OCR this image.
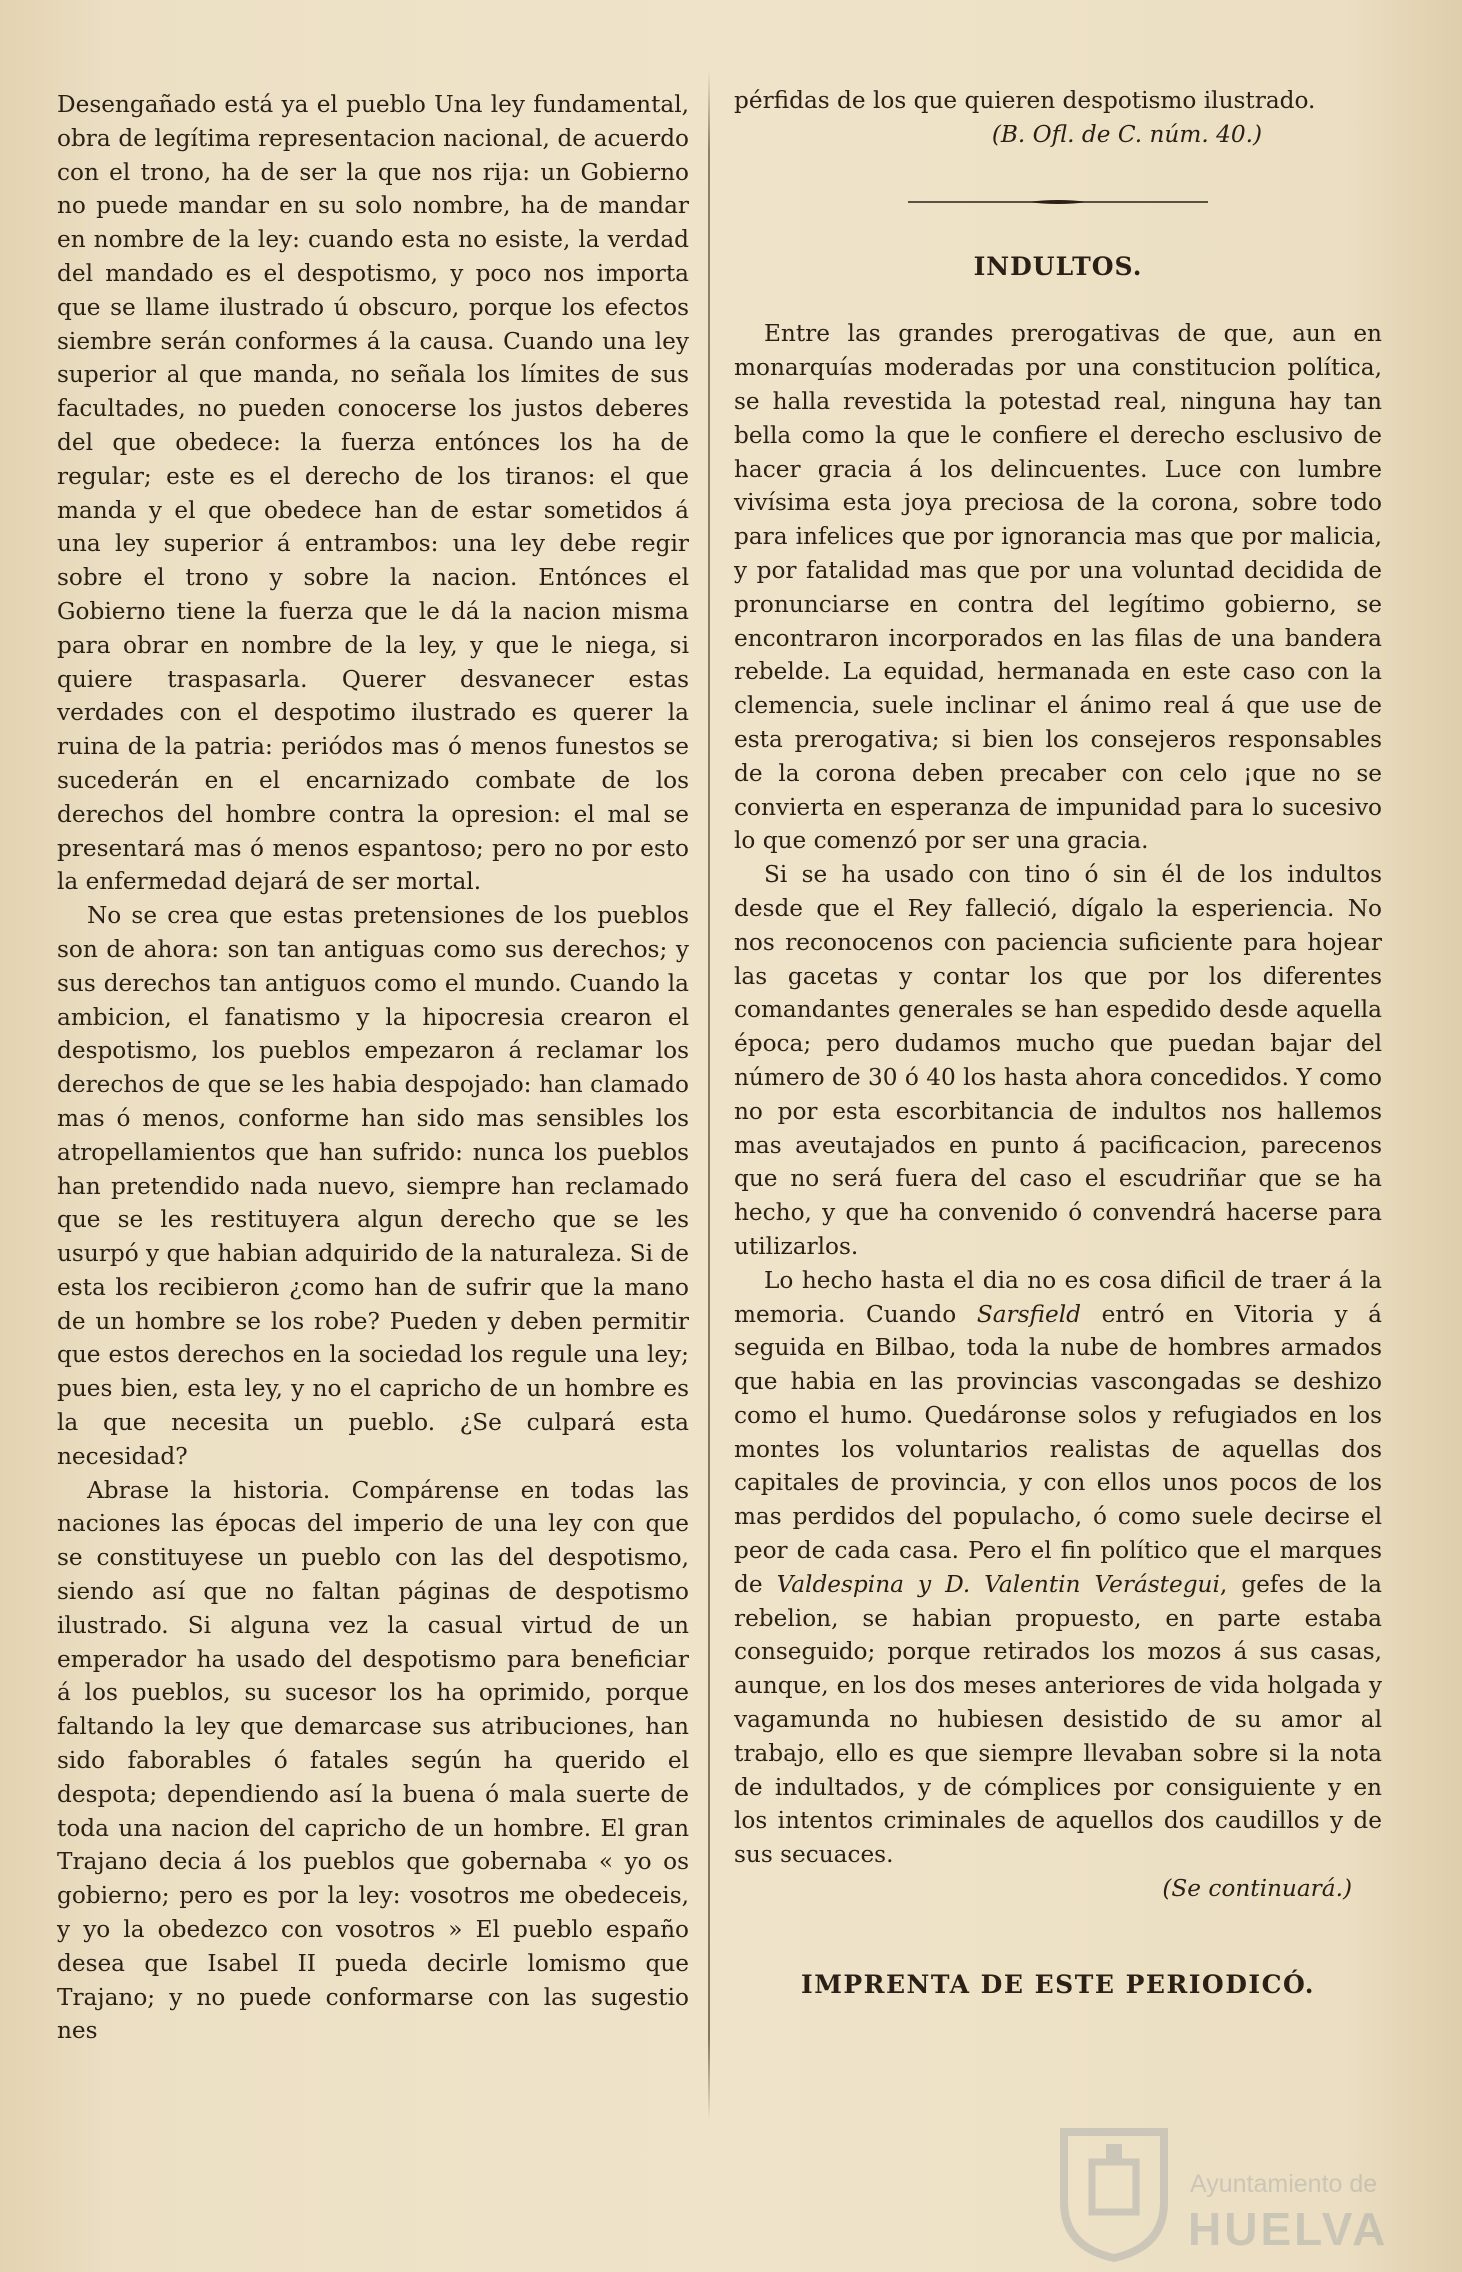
Desengañado está ya el pueblo Una ley fundamental, obra de legítima representacion nacional, de acuerdo con el trono, ha de ser la que nos rija: un Gobierno no puede mandar en su solo nombre, ha de mandar en nombre de la ley: cuando esta no esiste, la verdad del mandado es el despotismo, y poco nos importa que se llame ilustrado ú obscuro, porque los efectos siembre serán conformes á la causa. Cuando una ley superior al que manda, no señala los límites de sus facultades, no pueden conocerse los justos deberes del que obedece: la fuerza entónces los ha de regular; este es el derecho de los tiranos: el que manda y el que obedece han de estar sometidos á una ley superior á entrambos: una ley debe regir sobre el trono y sobre la nacion. Entónces el Gobierno tiene la fuerza que le dá la nacion misma para obrar en nombre de la ley, y que le niega, si quiere traspasarla. Querer desvanecer estas verdades con el despotimo ilustrado es querer la ruina de la patria: periódos mas ó menos funestos se sucederán en el encarnizado combate de los derechos del hombre contra la opresion: el mal se presentará mas ó menos espantoso; pero no por esto la enfermedad dejará de ser mortal.

No se crea que estas pretensiones de los pueblos son de ahora: son tan antiguas como sus derechos; y sus derechos tan antiguos como el mundo. Cuando la ambicion, el fanatismo y la hipocresia crearon el despotismo, los pueblos empezaron á reclamar los derechos de que se les habia despojado: han clamado mas ó menos, conforme han sido mas sensibles los atropellamientos que han sufrido: nunca los pueblos han pretendido nada nuevo, siempre han reclamado que se les restituyera algun derecho que se les usurpó y que habian adquirido de la naturaleza. Si de esta los recibieron ¿como han de sufrir que la mano de un hombre se los robe? Pueden y deben permitir que estos derechos en la sociedad los regule una ley; pues bien, esta ley, y no el capricho de un hombre es la que necesita un pueblo. ¿Se culpará esta necesidad?

Abrase la historia. Compárense en todas las naciones las épocas del imperio de una ley con que se constituyese un pueblo con las del despotismo, siendo así que no faltan páginas de despotismo ilustrado. Si alguna vez la casual virtud de un emperador ha usado del despotismo para beneficiar á los pueblos, su sucesor los ha oprimido, porque faltando la ley que demarcase sus atribuciones, han sido faborables ó fatales según ha querido el despota; dependiendo así la buena ó mala suerte de toda una nacion del capricho de un hombre. El gran Trajano decia á los pueblos que gobernaba « yo os gobierno; pero es por la ley: vosotros me obedeceis, y yo la obedezco con vosotros » El pueblo españo desea que Isabel II pueda decirle lomismo que Trajano; y no puede conformarse con las sugestio nes

pérfidas de los que quieren despotismo ilustrado.

(B. Ofl. de C. núm. 40.)

INDULTOS.

Entre las grandes prerogativas de que, aun en monarquías moderadas por una constitucion política, se halla revestida la potestad real, ninguna hay tan bella como la que le confiere el derecho esclusivo de hacer gracia á los delincuentes. Luce con lumbre vivísima esta joya preciosa de la corona, sobre todo para infelices que por ignorancia mas que por malicia, y por fatalidad mas que por una voluntad decidida de pronunciarse en contra del legítimo gobierno, se encontraron incorporados en las filas de una bandera rebelde. La equidad, hermanada en este caso con la clemencia, suele inclinar el ánimo real á que use de esta prerogativa; si bien los consejeros responsables de la corona deben precaber con celo ¡que no se convierta en esperanza de impunidad para lo sucesivo lo que comenzó por ser una gracia.

Si se ha usado con tino ó sin él de los indultos desde que el Rey falleció, dígalo la esperiencia. No nos reconocenos con paciencia suficiente para hojear las gacetas y contar los que por los diferentes comandantes generales se han espedido desde aquella época; pero dudamos mucho que puedan bajar del número de 30 ó 40 los hasta ahora concedidos. Y como no por esta escorbitancia de indultos nos hallemos mas aveutajados en punto á pacificacion, parecenos que no será fuera del caso el escudriñar que se ha hecho, y que ha convenido ó convendrá hacerse para utilizarlos.

Lo hecho hasta el dia no es cosa dificil de traer á la memoria. Cuando Sarsfield entró en Vitoria y á seguida en Bilbao, toda la nube de hombres armados que habia en las provincias vascongadas se deshizo como el humo. Quedáronse solos y refugiados en los montes los voluntarios realistas de aquellas dos capitales de provincia, y con ellos unos pocos de los mas perdidos del populacho, ó como suele decirse el peor de cada casa. Pero el fin político que el marques de Valdespina y D. Valentin Verástegui, gefes de la rebelion, se habian propuesto, en parte estaba conseguido; porque retirados los mozos á sus casas, aunque, en los dos meses anteriores de vida holgada y vagamunda no hubiesen desistido de su amor al trabajo, ello es que siempre llevaban sobre si la nota de indultados, y de cómplices por consiguiente y en los intentos criminales de aquellos dos caudillos y de sus secuaces.

(Se continuará.)

IMPRENTA DE ESTE PERIODICÓ.
Ayuntamiento de
HUELVA
